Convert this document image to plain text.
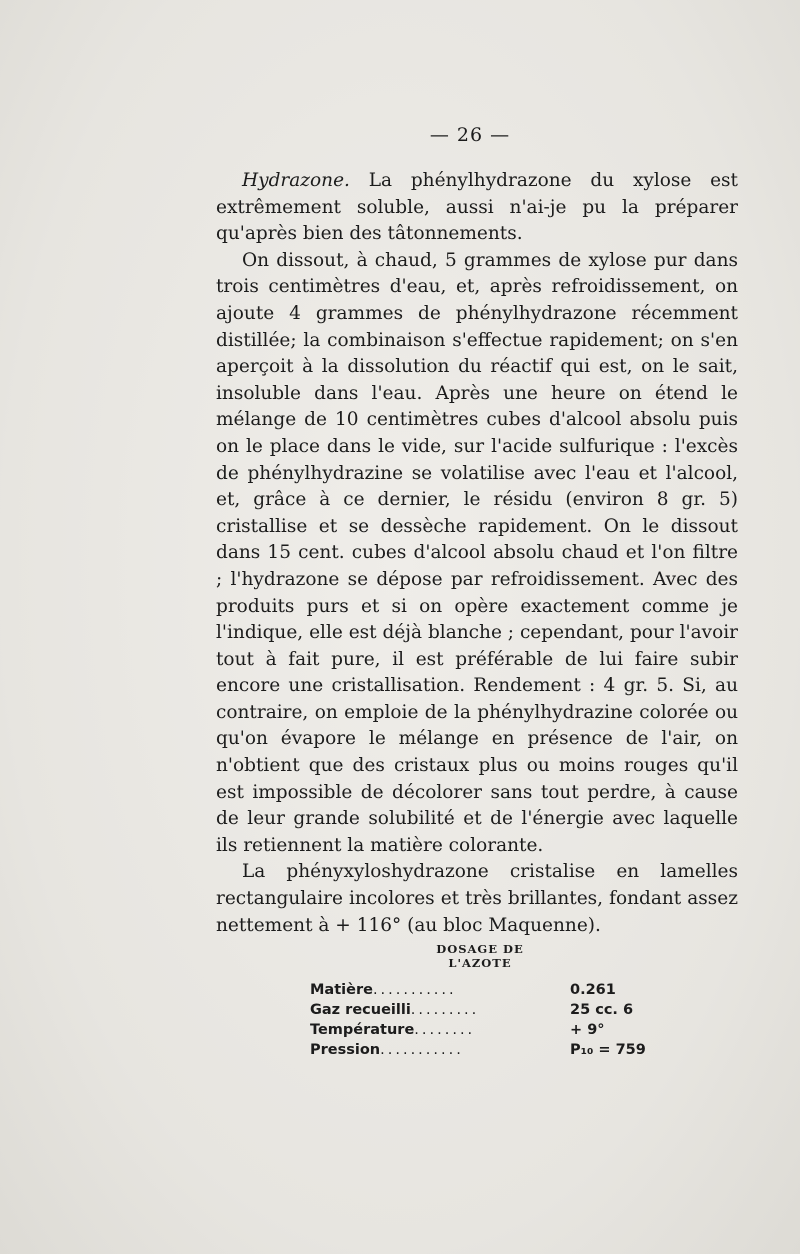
— 26 —

Hydrazone. La phénylhydrazone du xylose est extrêmement soluble, aussi n'ai-je pu la préparer qu'après bien des tâtonnements.

On dissout, à chaud, 5 grammes de xylose pur dans trois centimètres d'eau, et, après refroidissement, on ajoute 4 grammes de phénylhydrazone récemment distillée; la combinaison s'effectue rapidement; on s'en aperçoit à la dissolution du réactif qui est, on le sait, insoluble dans l'eau. Après une heure on étend le mélange de 10 centimètres cubes d'alcool absolu puis on le place dans le vide, sur l'acide sulfurique : l'excès de phénylhydrazine se volatilise avec l'eau et l'alcool, et, grâce à ce dernier, le résidu (environ 8 gr. 5) cristallise et se dessèche rapidement. On le dissout dans 15 cent. cubes d'alcool absolu chaud et l'on filtre ; l'hydrazone se dépose par refroidissement. Avec des produits purs et si on opère exactement comme je l'indique, elle est déjà blanche ; cependant, pour l'avoir tout à fait pure, il est préférable de lui faire subir encore une cristallisation. Rendement : 4 gr. 5. Si, au contraire, on emploie de la phénylhydrazine colorée ou qu'on évapore le mélange en présence de l'air, on n'obtient que des cristaux plus ou moins rouges qu'il est impossible de décolorer sans tout perdre, à cause de leur grande solubilité et de l'énergie avec laquelle ils retiennent la matière colorante.

La phényxyloshydrazone cristalise en lamelles rectangulaire incolores et très brillantes, fondant assez nettement à + 116° (au bloc Maquenne).

DOSAGE DE L'AZOTE
Matière...........	0.261
Gaz recueilli.........	25 cc. 6
Température........	+ 9°
Pression...........	P₁₀ = 759
